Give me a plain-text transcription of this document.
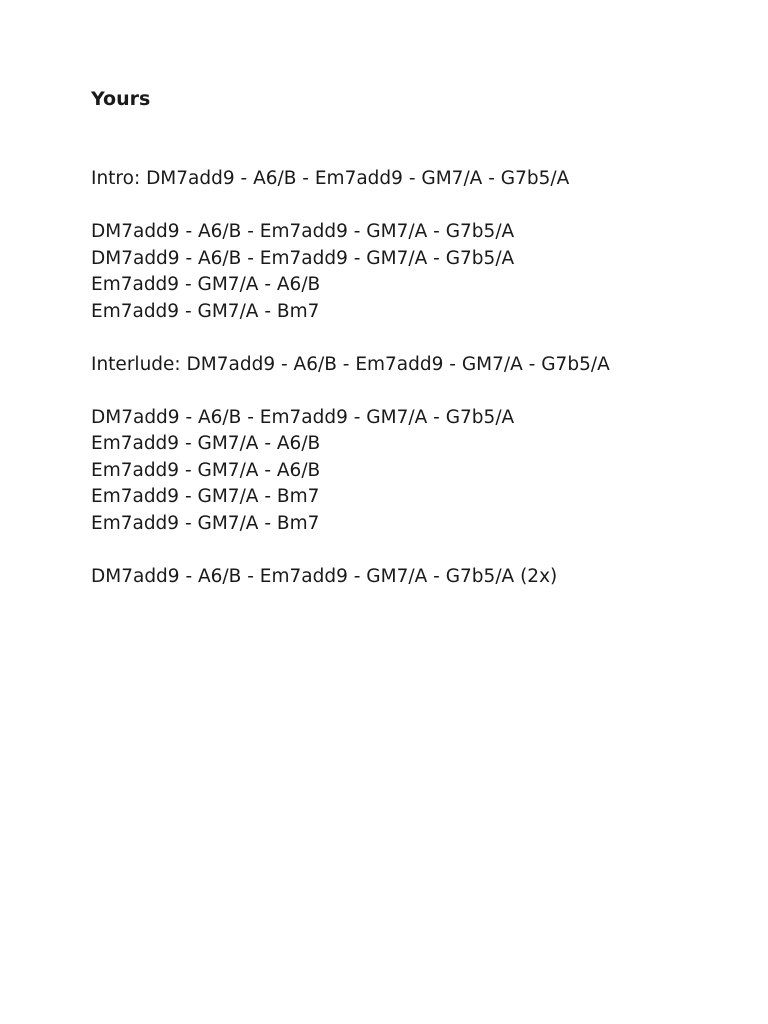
Yours
Intro: DM7add9 - A6/B - Em7add9 - GM7/A - G7b5/A
DM7add9 - A6/B - Em7add9 - GM7/A - G7b5/A
DM7add9 - A6/B - Em7add9 - GM7/A - G7b5/A
Em7add9 - GM7/A - A6/B
Em7add9 - GM7/A - Bm7
Interlude: DM7add9 - A6/B - Em7add9 - GM7/A - G7b5/A
DM7add9 - A6/B - Em7add9 - GM7/A - G7b5/A
Em7add9 - GM7/A - A6/B
Em7add9 - GM7/A - A6/B
Em7add9 - GM7/A - Bm7
Em7add9 - GM7/A - Bm7
DM7add9 - A6/B - Em7add9 - GM7/A - G7b5/A (2x)
